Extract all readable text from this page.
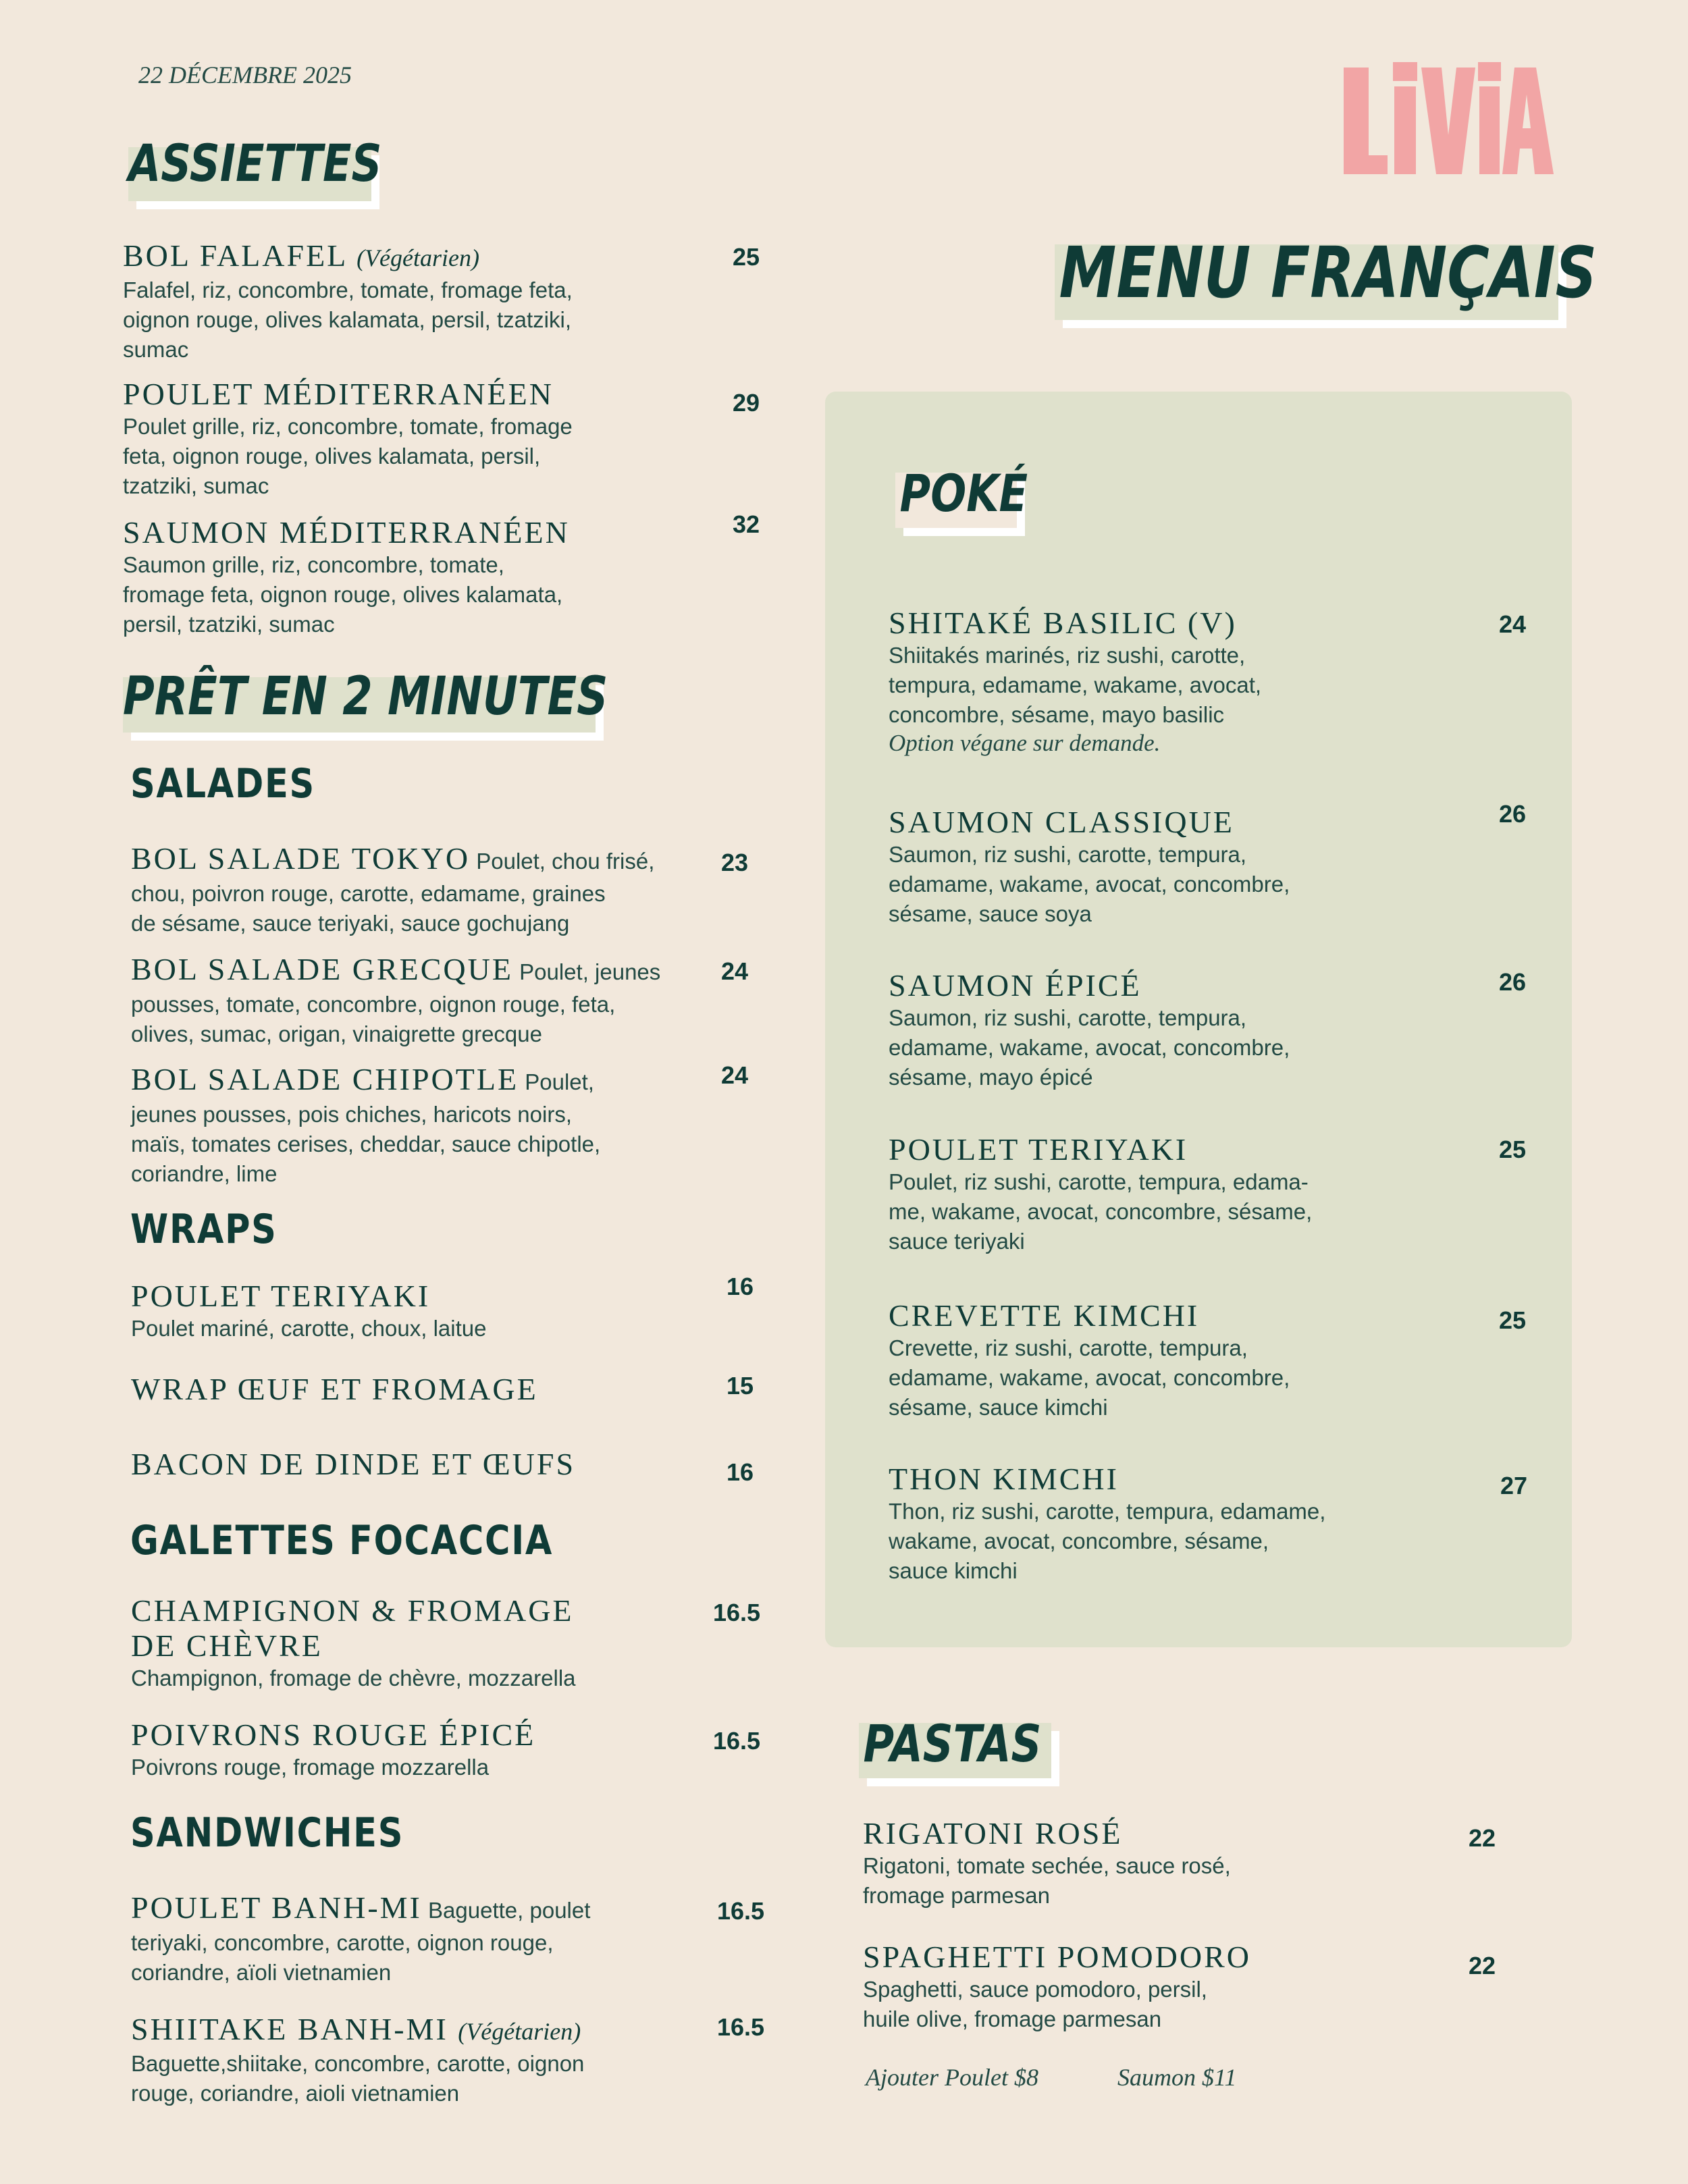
22 DÉCEMBRE 2025
MENU FRANÇAIS
ASSIETTES
BOL FALAFEL (Végétarien)
Falafel, riz, concombre, tomate, fromage feta,
oignon rouge, olives kalamata, persil, tzatziki,
sumac
25
POULET MÉDITERRANÉEN
Poulet grille, riz, concombre, tomate, fromage
feta, oignon rouge, olives kalamata, persil,
tzatziki, sumac
29
SAUMON MÉDITERRANÉEN
Saumon grille, riz, concombre, tomate,
fromage feta, oignon rouge, olives kalamata,
persil, tzatziki, sumac
32
PRÊT EN 2 MINUTES
SALADES
BOL SALADE TOKYO Poulet, chou frisé,
chou, poivron rouge, carotte, edamame, graines
de sésame, sauce teriyaki, sauce gochujang
23
BOL SALADE GRECQUE Poulet, jeunes
pousses, tomate, concombre, oignon rouge, feta,
olives, sumac, origan, vinaigrette grecque
24
BOL SALADE CHIPOTLE Poulet,
jeunes pousses, pois chiches, haricots noirs,
maïs, tomates cerises, cheddar, sauce chipotle,
coriandre, lime
24
WRAPS
POULET TERIYAKI
Poulet mariné, carotte, choux, laitue
16
WRAP ŒUF ET FROMAGE	15
BACON DE DINDE ET ŒUFS	16
GALETTES FOCACCIA
CHAMPIGNON & FROMAGE
DE CHÈVRE
Champignon, fromage de chèvre, mozzarella
16.5
POIVRONS ROUGE ÉPICÉ
Poivrons rouge, fromage mozzarella
16.5
SANDWICHES
POULET BANH-MI Baguette, poulet
teriyaki, concombre, carotte, oignon rouge,
coriandre, aïoli vietnamien
16.5
SHIITAKE BANH-MI (Végétarien)
Baguette,shiitake, concombre, carotte, oignon
rouge, coriandre, aioli vietnamien
16.5
POKÉ
SHITAKÉ BASILIC (V)
Shiitakés marinés, riz sushi, carotte,
tempura, edamame, wakame, avocat,
concombre, sésame, mayo basilic
Option végane sur demande.
24
SAUMON CLASSIQUE
Saumon, riz sushi, carotte, tempura,
edamame, wakame, avocat, concombre,
sésame, sauce soya
26
SAUMON ÉPICÉ
Saumon, riz sushi, carotte, tempura,
edamame, wakame, avocat, concombre,
sésame, mayo épicé
26
POULET TERIYAKI
Poulet, riz sushi, carotte, tempura, edama-
me, wakame, avocat, concombre, sésame,
sauce teriyaki
25
CREVETTE KIMCHI
Crevette, riz sushi, carotte, tempura,
edamame, wakame, avocat, concombre,
sésame, sauce kimchi
25
THON KIMCHI
Thon, riz sushi, carotte, tempura, edamame,
wakame, avocat, concombre, sésame,
sauce kimchi
27
PASTAS
RIGATONI ROSÉ
Rigatoni, tomate sechée, sauce rosé,
fromage parmesan
22
SPAGHETTI POMODORO
Spaghetti, sauce pomodoro, persil,
huile olive, fromage parmesan
22
Ajouter Poulet $8	Saumon $11
